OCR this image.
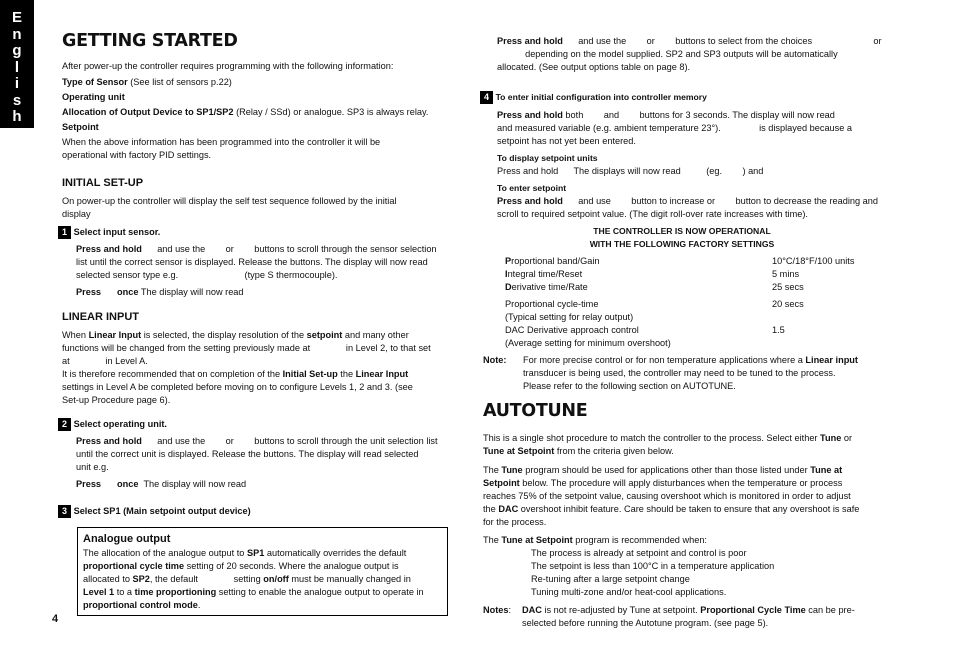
E
n
g
l
i
s
h
GETTING STARTED

After power-up the controller requires programming with the following information:

Type of Sensor (See list of sensors p.22)

Operating unit

Allocation of Output Device to SP1/SP2 (Relay / SSd) or analogue. SP3 is always relay.

Setpoint

When the above information has been programmed into the controller it will be

operational with factory PID settings.

INITIAL SET-UP

On power-up the controller will display the self test sequence followed by the initial

display

1 Select input sensor.

Press and hold      and use the        or        buttons to scroll through the sensor selection

list until the correct sensor is displayed. Release the buttons. The display will now read

selected sensor type e.g.                          (type S thermocouple).

Press once The display will now read

LINEAR INPUT

When Linear Input is selected, the display resolution of the setpoint and many other

functions will be changed from the setting previously made at              in Level 2, to that set

at              in Level A.

It is therefore recommended that on completion of the Initial Set-up the Linear Input

settings in Level A be completed before moving on to configure Levels 1, 2 and 3. (see

Set-up Procedure page 6).

2 Select operating unit.

Press and hold      and use the        or        buttons to scroll through the unit selection list

until the correct unit is displayed. Release the buttons. The display will read selected

unit e.g.

Press once  The display will now read

3 Select SP1 (Main setpoint output device)
Analogue output

The allocation of the analogue output to SP1 automatically overrides the default

proportional cycle time setting of 20 seconds. Where the analogue output is

allocated to SP2, the default              setting on/off must be manually changed in

Level 1 to a time proportioning setting to enable the analogue output to operate in

proportional control mode.

4

Press and hold      and use the        or        buttons to select from the choices                        or

depending on the model supplied. SP2 and SP3 outputs will be automatically

allocated. (See output options table on page 8).

4 To enter initial configuration into controller memory

Press and hold both        and        buttons for 3 seconds. The display will now read

and measured variable (e.g. ambient temperature 23°).               is displayed because a

setpoint has not yet been entered.

To display setpoint units

Press and hold      The displays will now read          (eg.        ) and

To enter setpoint

Press and hold      and use        button to increase or        button to decrease the reading and

scroll to required setpoint value. (The digit roll-over rate increases with time).

THE CONTROLLER IS NOW OPERATIONAL
WITH THE FOLLOWING FACTORY SETTINGS
Proportional band/Gain	10°C/18°F/100 units
Integral time/Reset	5 mins
Derivative time/Rate	25 secs
Proportional cycle-time	20 secs
(Typical setting for relay output)
DAC Derivative approach control	1.5
(Average setting for minimum overshoot)
Note:	For more precise control or for non temperature applications where a Linear input

transducer is being used, the controller may need to be tuned to the process.

Please refer to the following section on AUTOTUNE.

AUTOTUNE

This is a single shot procedure to match the controller to the process. Select either Tune or

Tune at Setpoint from the criteria given below.

The Tune program should be used for applications other than those listed under Tune at

Setpoint below. The procedure will apply disturbances when the temperature or process

reaches 75% of the setpoint value, causing overshoot which is monitored in order to adjust

the DAC overshoot inhibit feature. Care should be taken to ensure that any overshoot is safe

for the process.

The Tune at Setpoint program is recommended when:

The process is already at setpoint and control is poor
The setpoint is less than 100°C in a temperature application
Re-tuning after a large setpoint change
Tuning multi-zone and/or heat-cool applications.
Notes:	DAC is not re-adjusted by Tune at setpoint. Proportional Cycle Time can be pre-

selected before running the Autotune program. (see page 5).
